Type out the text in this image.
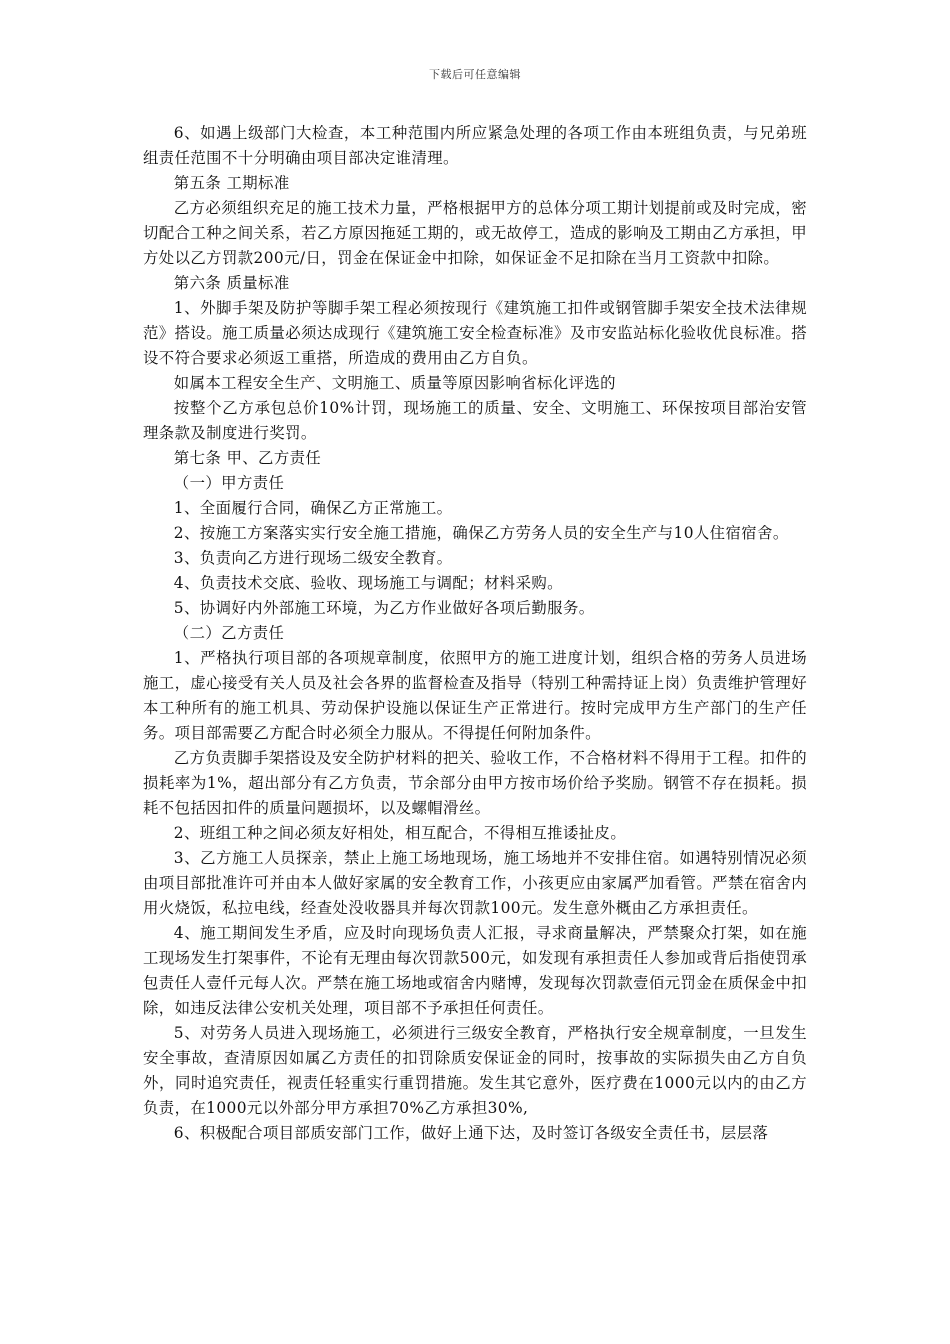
下载后可任意编辑

6、如遇上级部门大检查，本工种范围内所应紧急处理的各项工作由本班组负责，与兄弟班组责任范围不十分明确由项目部决定谁清理。

第五条 工期标准

乙方必须组织充足的施工技术力量，严格根据甲方的总体分项工期计划提前或及时完成，密切配合工种之间关系，若乙方原因拖延工期的，或无故停工，造成的影响及工期由乙方承担，甲方处以乙方罚款200元/日，罚金在保证金中扣除，如保证金不足扣除在当月工资款中扣除。

第六条 质量标准

1、外脚手架及防护等脚手架工程必须按现行《建筑施工扣件或钢管脚手架安全技术法律规范》搭设。施工质量必须达成现行《建筑施工安全检查标准》及市安监站标化验收优良标准。搭设不符合要求必须返工重搭，所造成的费用由乙方自负。

如属本工程安全生产、文明施工、质量等原因影响省标化评选的

按整个乙方承包总价10%计罚，现场施工的质量、安全、文明施工、环保按项目部治安管理条款及制度进行奖罚。

第七条 甲、乙方责任

（一）甲方责任

1、全面履行合同，确保乙方正常施工。

2、按施工方案落实实行安全施工措施，确保乙方劳务人员的安全生产与10人住宿宿舍。

3、负责向乙方进行现场二级安全教育。

4、负责技术交底、验收、现场施工与调配；材料采购。

5、协调好内外部施工环境，为乙方作业做好各项后勤服务。

（二）乙方责任

1、严格执行项目部的各项规章制度，依照甲方的施工进度计划，组织合格的劳务人员进场施工，虚心接受有关人员及社会各界的监督检查及指导（特别工种需持证上岗）负责维护管理好本工种所有的施工机具、劳动保护设施以保证生产正常进行。按时完成甲方生产部门的生产任务。项目部需要乙方配合时必须全力服从。不得提任何附加条件。

乙方负责脚手架搭设及安全防护材料的把关、验收工作，不合格材料不得用于工程。扣件的损耗率为1%，超出部分有乙方负责，节余部分由甲方按市场价给予奖励。钢管不存在损耗。损耗不包括因扣件的质量问题损坏，以及螺帽滑丝。

2、班组工种之间必须友好相处，相互配合，不得相互推诿扯皮。

3、乙方施工人员探亲，禁止上施工场地现场，施工场地并不安排住宿。如遇特别情况必须由项目部批准许可并由本人做好家属的安全教育工作，小孩更应由家属严加看管。严禁在宿舍内用火烧饭，私拉电线，经查处没收器具并每次罚款100元。发生意外概由乙方承担责任。

4、施工期间发生矛盾，应及时向现场负责人汇报，寻求商量解决，严禁聚众打架，如在施工现场发生打架事件，不论有无理由每次罚款500元，如发现有承担责任人参加或背后指使罚承包责任人壹仟元每人次。严禁在施工场地或宿舍内赌博，发现每次罚款壹佰元罚金在质保金中扣除，如违反法律公安机关处理，项目部不予承担任何责任。

5、对劳务人员进入现场施工，必须进行三级安全教育，严格执行安全规章制度，一旦发生安全事故，查清原因如属乙方责任的扣罚除质安保证金的同时，按事故的实际损失由乙方自负外，同时追究责任，视责任轻重实行重罚措施。发生其它意外，医疗费在1000元以内的由乙方负责，在1000元以外部分甲方承担70%乙方承担30%,

6、积极配合项目部质安部门工作，做好上通下达，及时签订各级安全责任书，层层落
